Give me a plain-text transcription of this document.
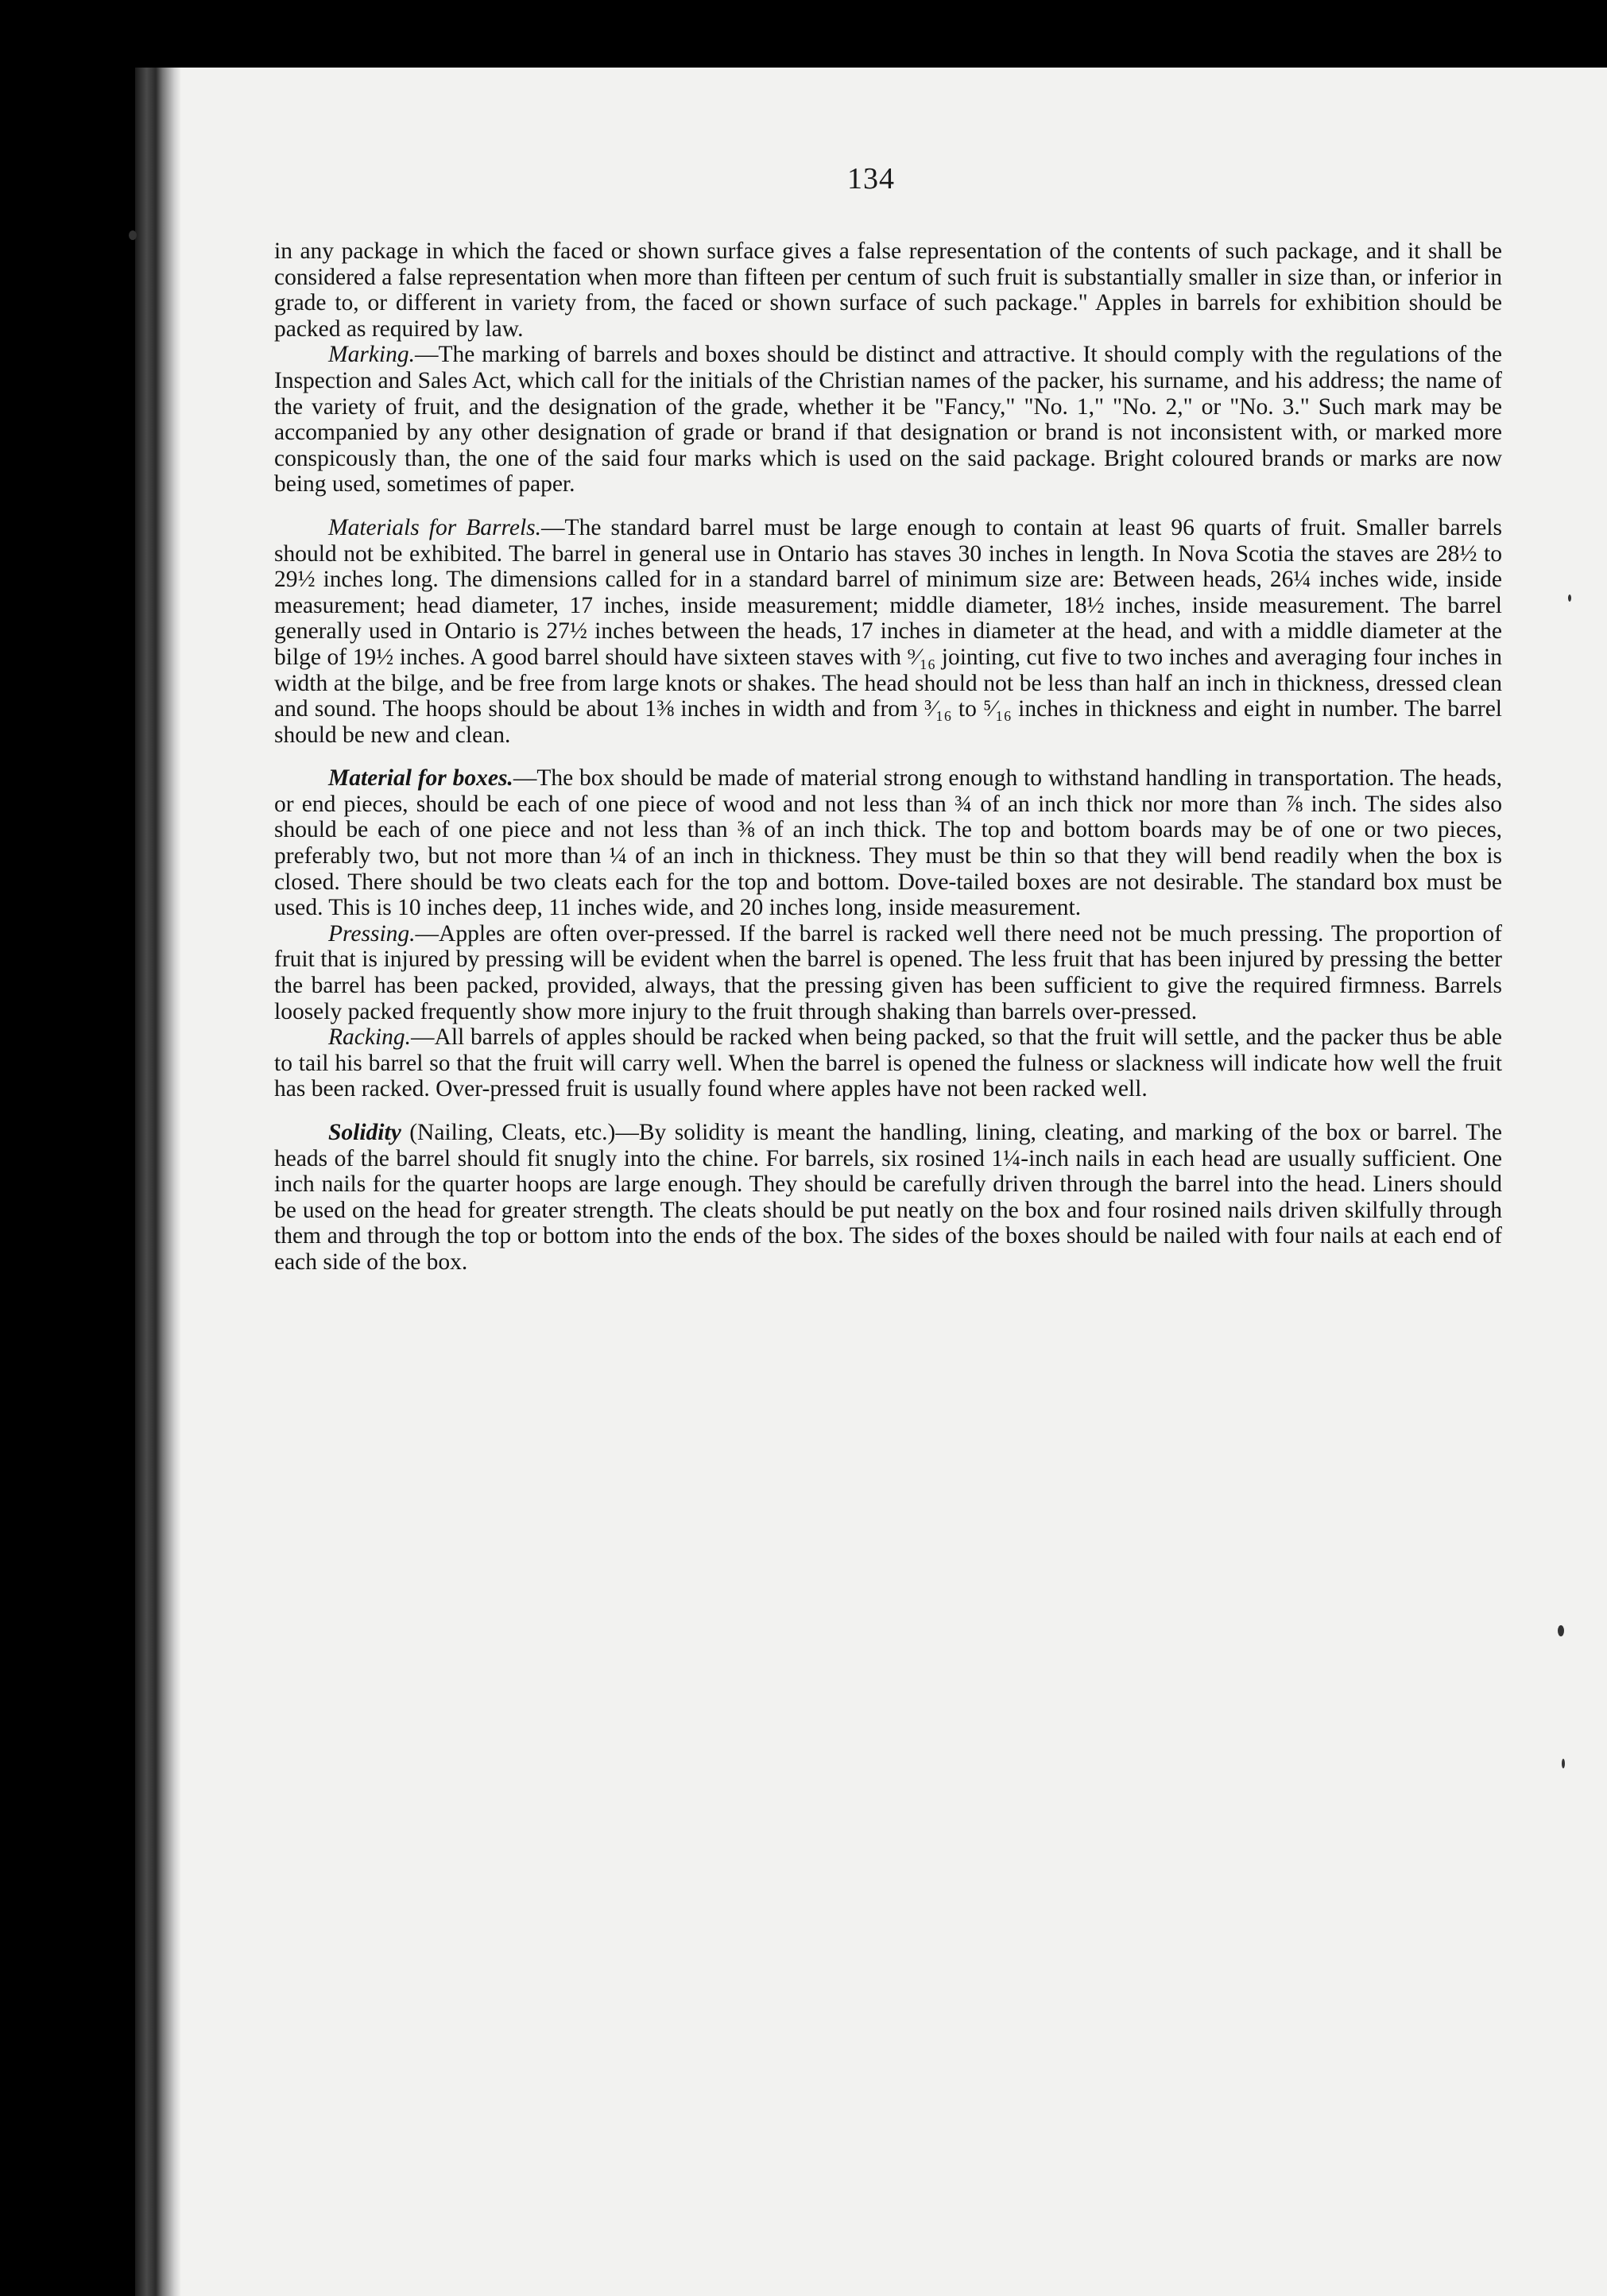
134

in any package in which the faced or shown surface gives a false representation of the contents of such package, and it shall be considered a false representation when more than fifteen per centum of such fruit is substantially smaller in size than, or inferior in grade to, or different in variety from, the faced or shown surface of such package." Apples in barrels for exhibition should be packed as required by law.

Marking.—The marking of barrels and boxes should be distinct and attractive. It should comply with the regulations of the Inspection and Sales Act, which call for the initials of the Christian names of the packer, his surname, and his address; the name of the variety of fruit, and the designation of the grade, whether it be "Fancy," "No. 1," "No. 2," or "No. 3." Such mark may be accompanied by any other designation of grade or brand if that designation or brand is not inconsistent with, or marked more conspicously than, the one of the said four marks which is used on the said package. Bright coloured brands or marks are now being used, sometimes of paper.

Materials for Barrels.—The standard barrel must be large enough to contain at least 96 quarts of fruit. Smaller barrels should not be exhibited. The barrel in general use in Ontario has staves 30 inches in length. In Nova Scotia the staves are 28½ to 29½ inches long. The dimensions called for in a standard barrel of minimum size are: Between heads, 26¼ inches wide, inside measurement; head diameter, 17 inches, inside measurement; middle diameter, 18½ inches, inside measurement. The barrel generally used in Ontario is 27½ inches between the heads, 17 inches in diameter at the head, and with a middle diameter at the bilge of 19½ inches. A good barrel should have sixteen staves with ⁹⁄₁₆ jointing, cut five to two inches and averaging four inches in width at the bilge, and be free from large knots or shakes. The head should not be less than half an inch in thickness, dressed clean and sound. The hoops should be about 1⅜ inches in width and from ³⁄₁₆ to ⁵⁄₁₆ inches in thickness and eight in number. The barrel should be new and clean.

Material for boxes.—The box should be made of material strong enough to withstand handling in transportation. The heads, or end pieces, should be each of one piece of wood and not less than ¾ of an inch thick nor more than ⅞ inch. The sides also should be each of one piece and not less than ⅜ of an inch thick. The top and bottom boards may be of one or two pieces, preferably two, but not more than ¼ of an inch in thickness. They must be thin so that they will bend readily when the box is closed. There should be two cleats each for the top and bottom. Dove-tailed boxes are not desirable. The standard box must be used. This is 10 inches deep, 11 inches wide, and 20 inches long, inside measurement.

Pressing.—Apples are often over-pressed. If the barrel is racked well there need not be much pressing. The proportion of fruit that is injured by pressing will be evident when the barrel is opened. The less fruit that has been injured by pressing the better the barrel has been packed, provided, always, that the pressing given has been sufficient to give the required firmness. Barrels loosely packed frequently show more injury to the fruit through shaking than barrels over-pressed.

Racking.—All barrels of apples should be racked when being packed, so that the fruit will settle, and the packer thus be able to tail his barrel so that the fruit will carry well. When the barrel is opened the fulness or slackness will indicate how well the fruit has been racked. Over-pressed fruit is usually found where apples have not been racked well.

Solidity (Nailing, Cleats, etc.)—By solidity is meant the handling, lining, cleating, and marking of the box or barrel. The heads of the barrel should fit snugly into the chine. For barrels, six rosined 1¼-inch nails in each head are usually sufficient. One inch nails for the quarter hoops are large enough. They should be carefully driven through the barrel into the head. Liners should be used on the head for greater strength. The cleats should be put neatly on the box and four rosined nails driven skilfully through them and through the top or bottom into the ends of the box. The sides of the boxes should be nailed with four nails at each end of each side of the box.
